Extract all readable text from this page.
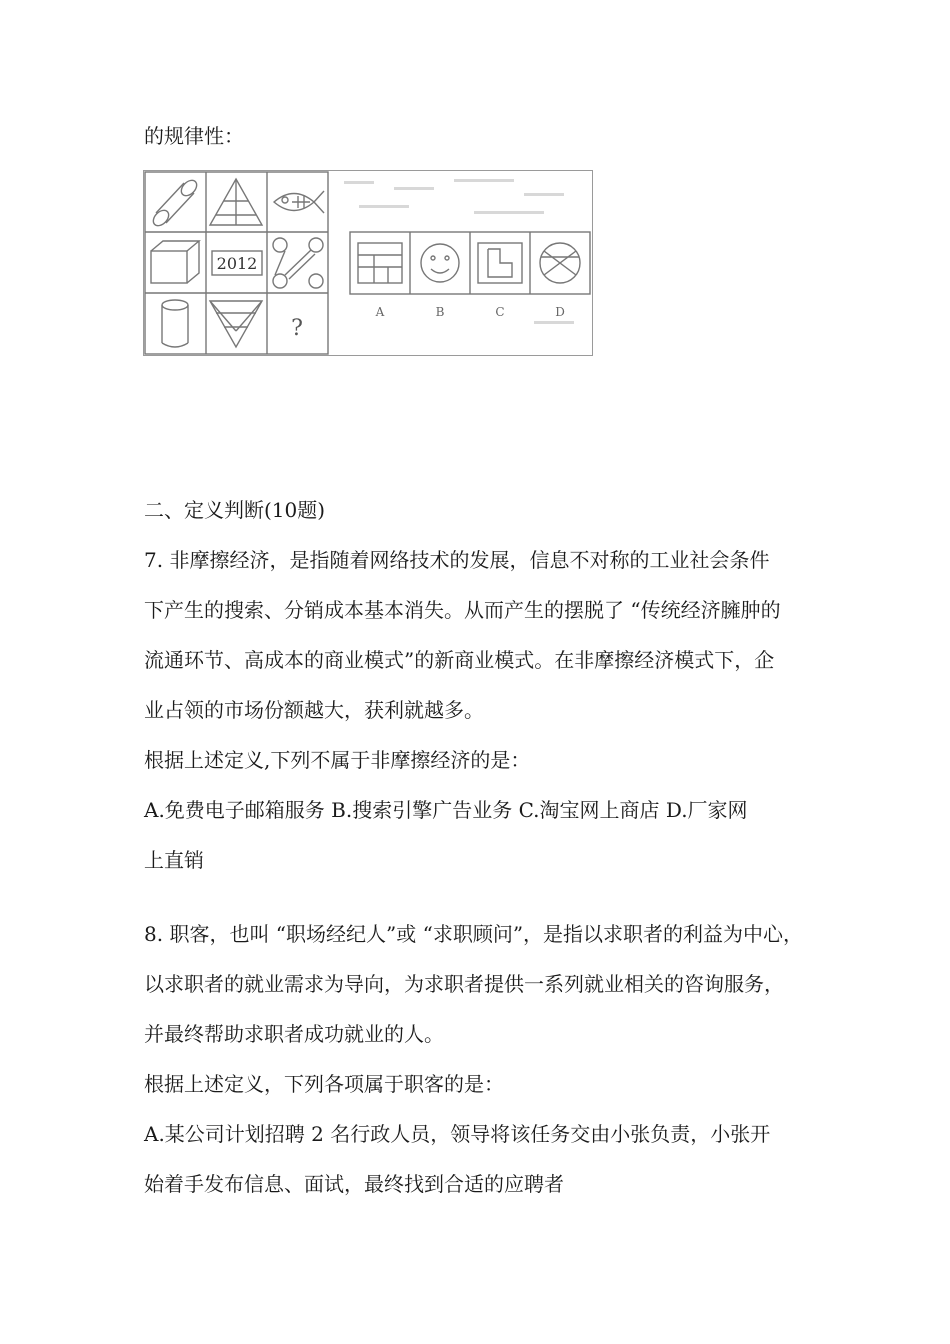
的规律性：
2012
?
A	B	C	D
二、定义判断(10题)
7. 非摩擦经济，是指随着网络技术的发展，信息不对称的工业社会条件
下产生的搜索、分销成本基本消失。从而产生的摆脱了 “传统经济臃肿的
流通环节、高成本的商业模式”的新商业模式。在非摩擦经济模式下，企
业占领的市场份额越大，获利就越多。
根据上述定义,下列不属于非摩擦经济的是：
A.免费电子邮箱服务 B.搜索引擎广告业务 C.淘宝网上商店 D.厂家网
上直销
8. 职客，也叫 “职场经纪人”或 “求职顾问”，是指以求职者的利益为中心，
以求职者的就业需求为导向，为求职者提供一系列就业相关的咨询服务，
并最终帮助求职者成功就业的人。
根据上述定义，下列各项属于职客的是：
A.某公司计划招聘 2 名行政人员，领导将该任务交由小张负责，小张开
始着手发布信息、面试，最终找到合适的应聘者
